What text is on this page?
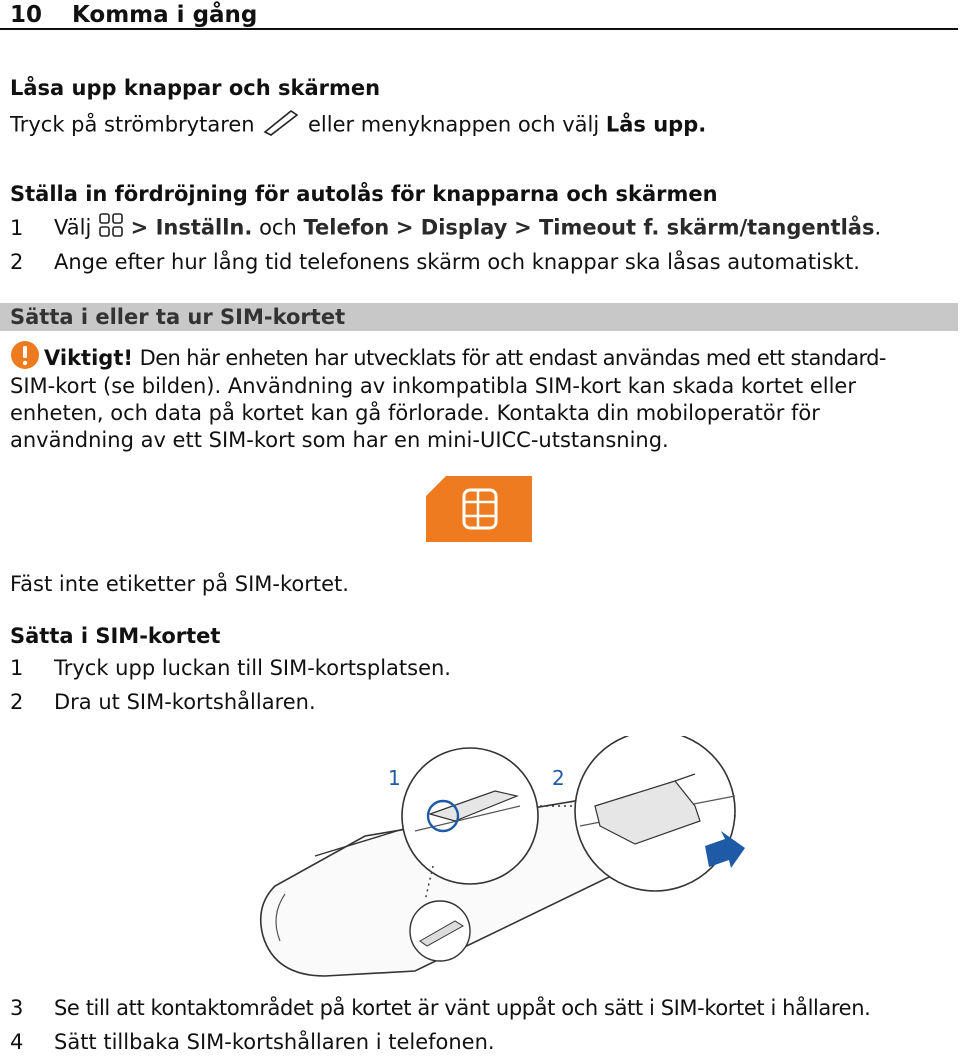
10 Komma i gång
Låsa upp knappar och skärmen
Tryck på strömbrytaren	eller menyknappen och välj Lås upp.
Ställa in fördröjning för autolås för knapparna och skärmen
1 Välj > Inställn. och Telefon > Display > Timeout f. skärm/tangentlås.
2 Ange efter hur lång tid telefonens skärm och knappar ska låsas automatiskt.
Sätta i eller ta ur SIM-kortet
Viktigt! Den här enheten har utvecklats för att endast användas med ett standard-
SIM-kort (se bilden). Användning av inkompatibla SIM-kort kan skada kortet eller
enheten, och data på kortet kan gå förlorade. Kontakta din mobiloperatör för
användning av ett SIM-kort som har en mini-UICC-utstansning.
Fäst inte etiketter på SIM-kortet.
Sätta i SIM-kortet
1 Tryck upp luckan till SIM-kortsplatsen.
2 Dra ut SIM-kortshållaren.
1	2
3 Se till att kontaktområdet på kortet är vänt uppåt och sätt i SIM-kortet i hållaren.
4 Sätt tillbaka SIM-kortshållaren i telefonen.
